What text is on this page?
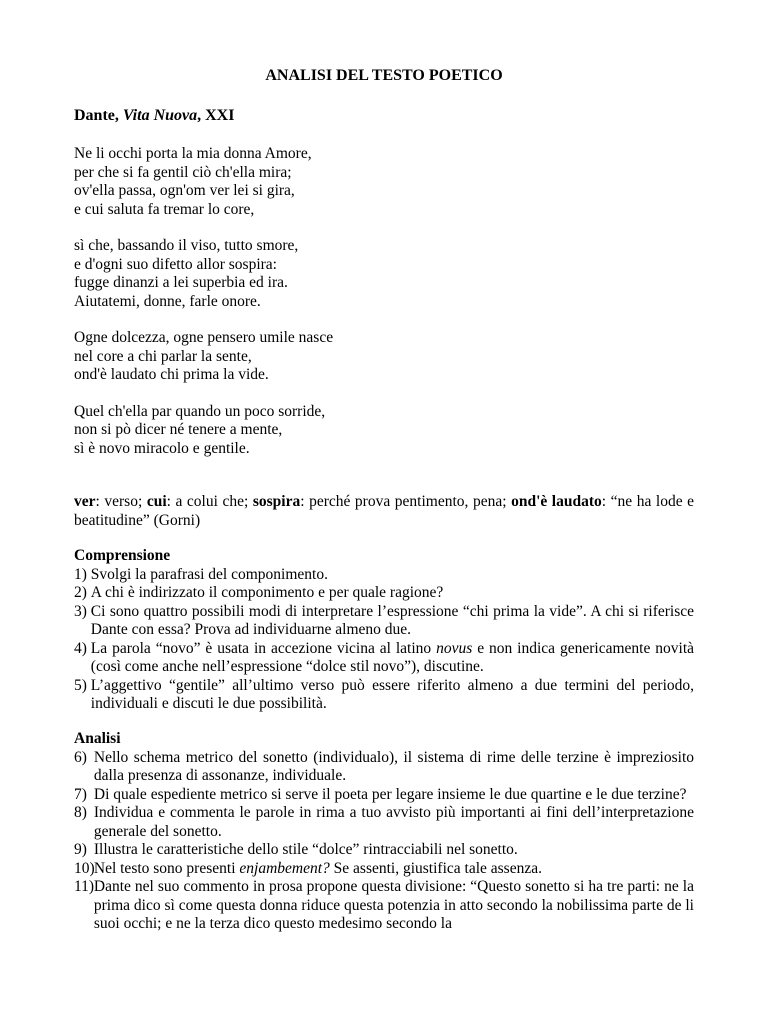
ANALISI DEL TESTO POETICO
Dante, Vita Nuova, XXI
Ne li occhi porta la mia donna Amore,
per che si fa gentil ciò ch'ella mira;
ov'ella passa, ogn'om ver lei si gira,
e cui saluta fa tremar lo core,
sì che, bassando il viso, tutto smore,
e d'ogni suo difetto allor sospira:
fugge dinanzi a lei superbia ed ira.
Aiutatemi, donne, farle onore.
Ogne dolcezza, ogne pensero umile nasce
nel core a chi parlar la sente,
ond'è laudato chi prima la vide.
Quel ch'ella par quando un poco sorride,
non si pò dicer né tenere a mente,
sì è novo miracolo e gentile.
ver: verso; cui: a colui che; sospira: perché prova pentimento, pena; ond'è laudato: “ne ha lode e beatitudine” (Gorni)
Comprensione
1)
Svolgi la parafrasi del componimento.
2)
A chi è indirizzato il componimento e per quale ragione?
3)
Ci sono quattro possibili modi di interpretare l’espressione “chi prima la vide”. A chi si riferisce Dante con essa? Prova ad individuarne almeno due.
4)
La parola “novo” è usata in accezione vicina al latino novus e non indica genericamente novità (così come anche nell’espressione “dolce stil novo”), discutine.
5)
L’aggettivo “gentile” all’ultimo verso può essere riferito almeno a due termini del periodo, individuali e discuti le due possibilità.
Analisi
6)
Nello schema metrico del sonetto (individualo), il sistema di rime delle terzine è impreziosito dalla presenza di assonanze, individuale.
7)
Di quale espediente metrico si serve il poeta per legare insieme le due quartine e le due terzine?
8)
Individua e commenta le parole in rima a tuo avvisto più importanti ai fini dell’interpretazione generale del sonetto.
9)
Illustra le caratteristiche dello stile “dolce” rintracciabili nel sonetto.
10)
Nel testo sono presenti enjambement? Se assenti, giustifica tale assenza.
11)
Dante nel suo commento in prosa propone questa divisione: “Questo sonetto si ha tre parti: ne la prima dico sì come questa donna riduce questa potenzia in atto secondo la nobilissima parte de li suoi occhi; e ne la terza dico questo medesimo secondo la
